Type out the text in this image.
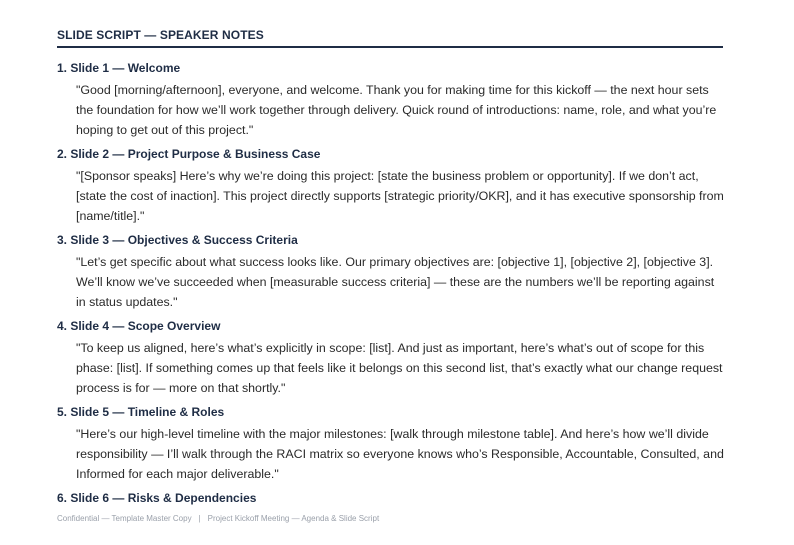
SLIDE SCRIPT — SPEAKER NOTES
1. Slide 1 — Welcome
"Good [morning/afternoon], everyone, and welcome. Thank you for making time for this kickoff — the next hour sets the foundation for how we’ll work together through delivery. Quick round of introductions: name, role, and what you’re hoping to get out of this project."
2. Slide 2 — Project Purpose & Business Case
"[Sponsor speaks] Here’s why we’re doing this project: [state the business problem or opportunity]. If we don’t act, [state the cost of inaction]. This project directly supports [strategic priority/OKR], and it has executive sponsorship from [name/title]."
3. Slide 3 — Objectives & Success Criteria
"Let’s get specific about what success looks like. Our primary objectives are: [objective 1], [objective 2], [objective 3]. We’ll know we’ve succeeded when [measurable success criteria] — these are the numbers we’ll be reporting against in status updates."
4. Slide 4 — Scope Overview
"To keep us aligned, here’s what’s explicitly in scope: [list]. And just as important, here’s what’s out of scope for this phase: [list]. If something comes up that feels like it belongs on this second list, that’s exactly what our change request process is for — more on that shortly."
5. Slide 5 — Timeline & Roles
"Here’s our high-level timeline with the major milestones: [walk through milestone table]. And here’s how we’ll divide responsibility — I’ll walk through the RACI matrix so everyone knows who’s Responsible, Accountable, Consulted, and Informed for each major deliverable."
6. Slide 6 — Risks & Dependencies
Confidential — Template Master Copy | Project Kickoff Meeting — Agenda & Slide Script
